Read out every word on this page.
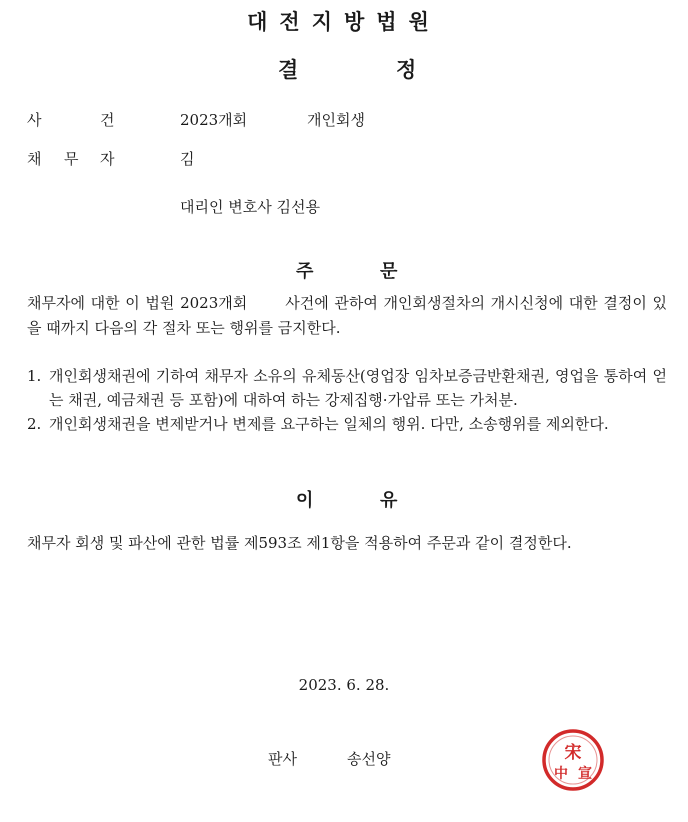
대전지방법원
결	정
사	건	2023개회	개인회생
채 무 자	김
대리인 변호사 김선용
주	문
채무자에 대한 이 법원 2023개회	사건에 관하여 개인회생절차의 개시신청에 대한 결정이 있을 때까지 다음의 각 절차 또는 행위를 금지한다.
1. 개인회생채권에 기하여 채무자 소유의 유체동산(영업장 임차보증금반환채권, 영업을 통하여 얻는 채권, 예금채권 등 포함)에 대하여 하는 강제집행·가압류 또는 가처분.
2. 개인회생채권을 변제받거나 변제를 요구하는 일체의 행위. 다만, 소송행위를 제외한다.
이	유
채무자 회생 및 파산에 관한 법률 제593조 제1항을 적용하여 주문과 같이 결정한다.
2023. 6. 28.
판사	송선양	宋
中 宣
